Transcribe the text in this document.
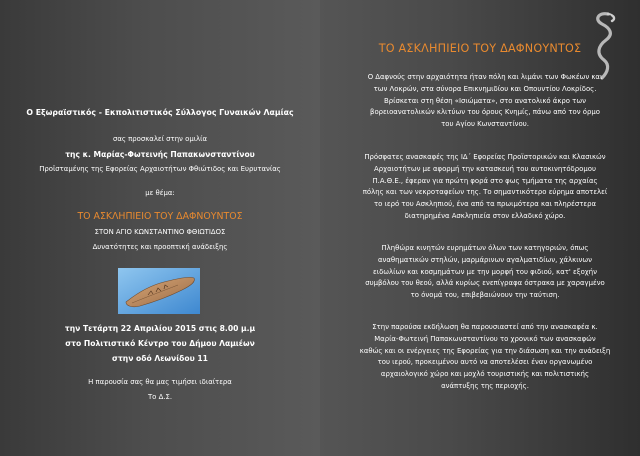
Ο Εξωραϊστικός - Εκπολιτιστικός Σύλλογος Γυναικών Λαμίας
σας προσκαλεί στην ομιλία
της κ. Μαρίας-Φωτεινής Παπακωνσταντίνου
Προϊσταμένης της Εφορείας Αρχαιοτήτων Φθιώτιδος και Ευρυτανίας
με θέμα:
ΤΟ ΑΣΚΛΗΠΙΕΙΟ ΤΟΥ ΔΑΦΝΟΥΝΤΟΣ
ΣΤΟΝ ΑΓΙΟ ΚΩΝΣΤΑΝΤΙΝΟ ΦΘΙΩΤΙΔΟΣ
Δυνατότητες και προοπτική ανάδειξης
την Τετάρτη 22 Απριλίου 2015 στις 8.00 μ.μ
στο Πολιτιστικό Κέντρο του Δήμου Λαμιέων
στην οδό Λεωνίδου 11
Η παρουσία σας θα μας τιμήσει ιδιαίτερα
Το Δ.Σ.
ΤΟ ΑΣΚΛΗΠΙΕΙΟ ΤΟΥ ΔΑΦΝΟΥΝΤΟΣ

Ο Δαφνούς στην αρχαιότητα ήταν πόλη και λιμάνι των Φωκέων και

των Λοκρών, στα σύνορα Επικνημιδίου και Οπουντίου Λοκρίδος.

Βρίσκεται στη θέση «Ισιώματα», στο ανατολικό άκρο των

βορειοανατολικών κλιτύων του όρους Κνημίς, πάνω από τον όρμο

του Αγίου Κωνσταντίνου.

Πρόσφατες ανασκαφές της ΙΔ΄ Εφορείας Προϊστορικών και Κλασικών

Αρχαιοτήτων με αφορμή την κατασκευή του αυτοκινητόδρομου

Π.Α.Θ.Ε., έφεραν για πρώτη φορά στο φως τμήματα της αρχαίας

πόλης και των νεκροταφείων της. Το σημαντικότερο εύρημα αποτελεί

το ιερό του Ασκληπιού, ένα από τα πρωιμότερα και πληρέστερα

διατηρημένα Ασκληπιεία στον ελλαδικό χώρο.

Πληθώρα κινητών ευρημάτων όλων των κατηγοριών, όπως

αναθηματικών στηλών, μαρμάρινων αγαλματιδίων, χάλκινων

ειδωλίων και κοσμημάτων με την μορφή του φιδιού, κατ' εξοχήν

συμβόλου του θεού, αλλά κυρίως ενεπίγραφα όστρακα με χαραγμένο

το όνομά του, επιβεβαιώνουν την ταύτιση.

Στην παρούσα εκδήλωση θα παρουσιαστεί από την ανασκαφέα κ.

Μαρία-Φωτεινή Παπακωνσταντίνου το χρονικό των ανασκαφών

καθώς και οι ενέργειες της Εφορείας για την διάσωση και την ανάδειξη

του ιερού, προκειμένου αυτό να αποτελέσει έναν οργανωμένο

αρχαιολογικό χώρο και μοχλό τουριστικής και πολιτιστικής

ανάπτυξης της περιοχής.
